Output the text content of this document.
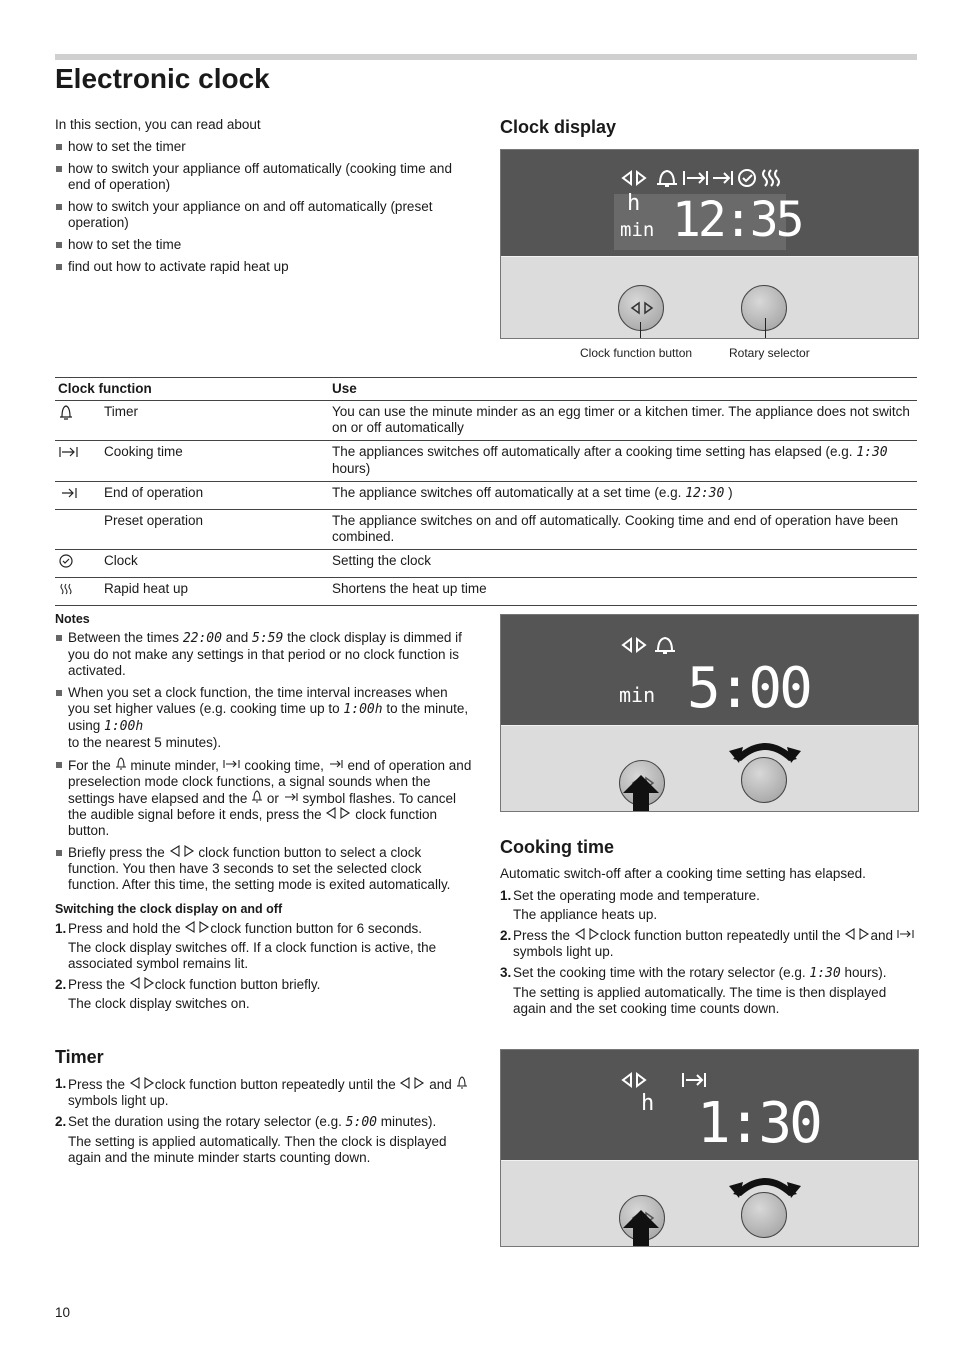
Electronic clock

In this section, you can read about

how to set the timer
how to switch your appliance off automatically (cooking time and end of operation)
how to switch your appliance on and off automatically (preset operation)
how to set the time
find out how to activate rapid heat up
Clock display
h
min 12:35
Clock function button	Rotary selector
Clock function		Use
	Timer	You can use the minute minder as an egg timer or a kitchen timer. The appliance does not switch on or off automatically
	Cooking time	The appliances switches off automatically after a cooking time setting has elapsed (e.g. 1:30 hours)
	End of operation	The appliance switches off automatically at a set time (e.g. 12:30 )
	Preset operation	The appliance switches on and off automatically. Cooking time and end of operation have been combined.
	Clock	Setting the clock
	Rapid heat up	Shortens the heat up time

Notes

Between the times 22:00 and 5:59 the clock display is dimmed if you do not make any settings in that period or no clock function is activated.
When you set a clock function, the time interval increases when you set higher values (e.g. cooking time up to 1:00h to the minute, using 1:00h
to the nearest 5 minutes).
For the minute minder, cooking time, end of operation and preselection mode clock functions, a signal sounds when the settings have elapsed and the or symbol flashes. To cancel the audible signal before it ends, press the clock function button.
Briefly press the clock function button to select a clock function. You then have 3 seconds to set the selected clock function. After this time, the setting mode is exited automatically.

Switching the clock display on and off

1. Press and hold the clock function button for 6 seconds.
The clock display switches off. If a clock function is active, the associated symbol remains lit.
2. Press the clock function button briefly.
The clock display switches on.
Timer
1. Press the clock function button repeatedly until the and  symbols light up.
2. Set the duration using the rotary selector (e.g. 5:00 minutes).
The setting is applied automatically. Then the clock is displayed again and the minute minder starts counting down.
min 5:00
Cooking time

Automatic switch-off after a cooking time setting has elapsed.

1. Set the operating mode and temperature.
The appliance heats up.
2. Press the clock function button repeatedly until the and  symbols light up.
3. Set the cooking time with the rotary selector (e.g. 1:30 hours).
The setting is applied automatically. The time is then displayed again and the set cooking time counts down.
h 1:30
10
